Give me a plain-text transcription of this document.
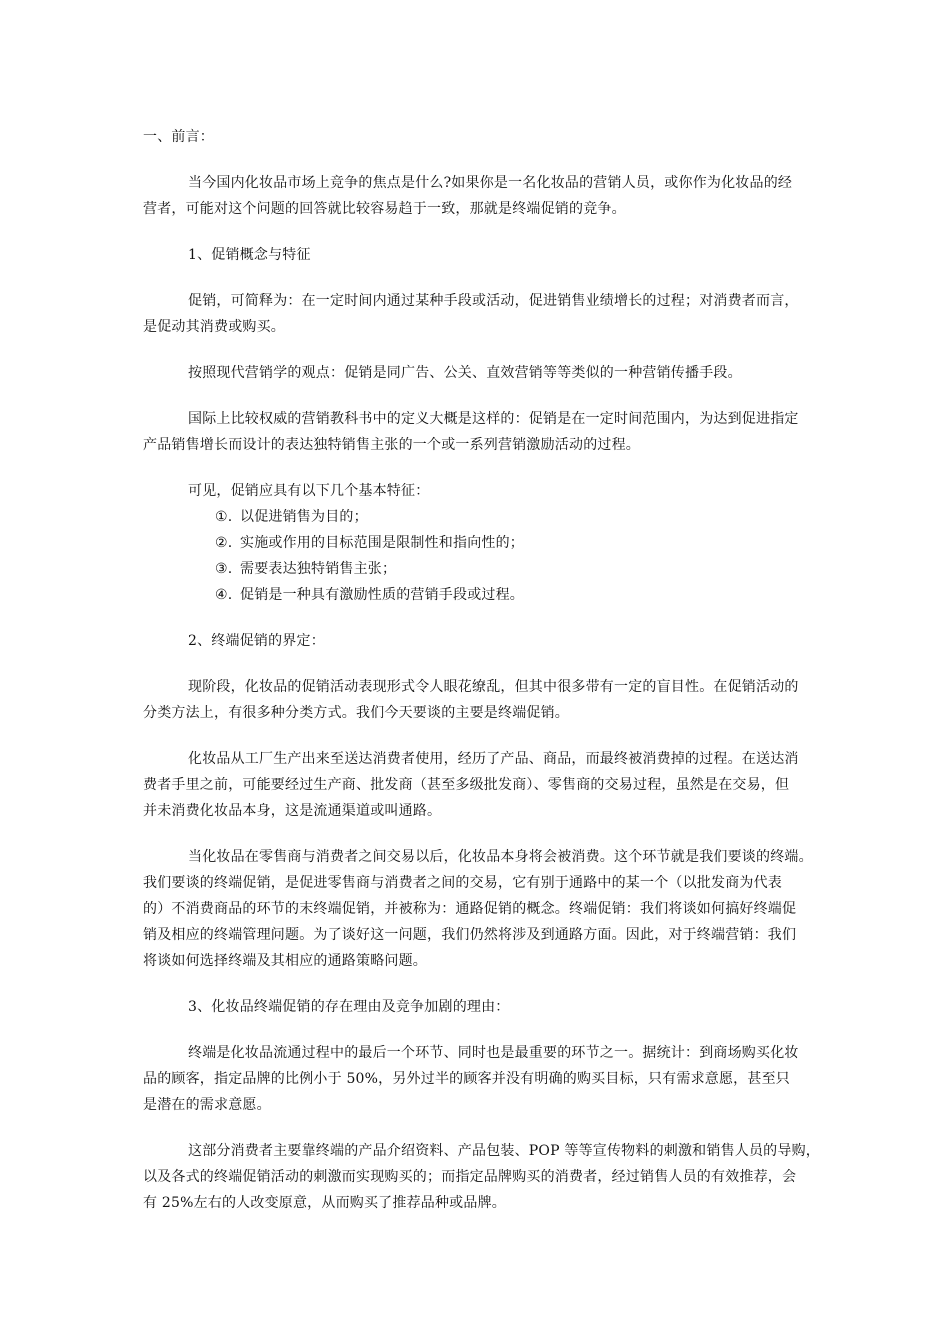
一、前言：
当今国内化妆品市场上竞争的焦点是什么?如果你是一名化妆品的营销人员，或你作为化妆品的经
营者，可能对这个问题的回答就比较容易趋于一致，那就是终端促销的竞争。
1、促销概念与特征
促销，可简释为：在一定时间内通过某种手段或活动，促进销售业绩增长的过程；对消费者而言，
是促动其消费或购买。
按照现代营销学的观点：促销是同广告、公关、直效营销等等类似的一种营销传播手段。
国际上比较权威的营销教科书中的定义大概是这样的：促销是在一定时间范围内，为达到促进指定
产品销售增长而设计的表达独特销售主张的一个或一系列营销激励活动的过程。
可见，促销应具有以下几个基本特征：
①. 以促进销售为目的；
②. 实施或作用的目标范围是限制性和指向性的；
③. 需要表达独特销售主张；
④. 促销是一种具有激励性质的营销手段或过程。
2、终端促销的界定：
现阶段，化妆品的促销活动表现形式令人眼花缭乱，但其中很多带有一定的盲目性。在促销活动的
分类方法上，有很多种分类方式。我们今天要谈的主要是终端促销。
化妆品从工厂生产出来至送达消费者使用，经历了产品、商品，而最终被消费掉的过程。在送达消
费者手里之前，可能要经过生产商、批发商（甚至多级批发商）、零售商的交易过程，虽然是在交易，但
并未消费化妆品本身，这是流通渠道或叫通路。
当化妆品在零售商与消费者之间交易以后，化妆品本身将会被消费。这个环节就是我们要谈的终端。
我们要谈的终端促销，是促进零售商与消费者之间的交易，它有别于通路中的某一个（以批发商为代表
的）不消费商品的环节的末终端促销，并被称为：通路促销的概念。终端促销：我们将谈如何搞好终端促
销及相应的终端管理问题。为了谈好这一问题，我们仍然将涉及到通路方面。因此，对于终端营销：我们
将谈如何选择终端及其相应的通路策略问题。
3、化妆品终端促销的存在理由及竞争加剧的理由：
终端是化妆品流通过程中的最后一个环节、同时也是最重要的环节之一。据统计：到商场购买化妆
品的顾客，指定品牌的比例小于 50%，另外过半的顾客并没有明确的购买目标，只有需求意愿，甚至只
是潜在的需求意愿。
这部分消费者主要靠终端的产品介绍资料、产品包装、POP 等等宣传物料的刺激和销售人员的导购，
以及各式的终端促销活动的刺激而实现购买的；而指定品牌购买的消费者，经过销售人员的有效推荐，会
有 25%左右的人改变原意，从而购买了推荐品种或品牌。
